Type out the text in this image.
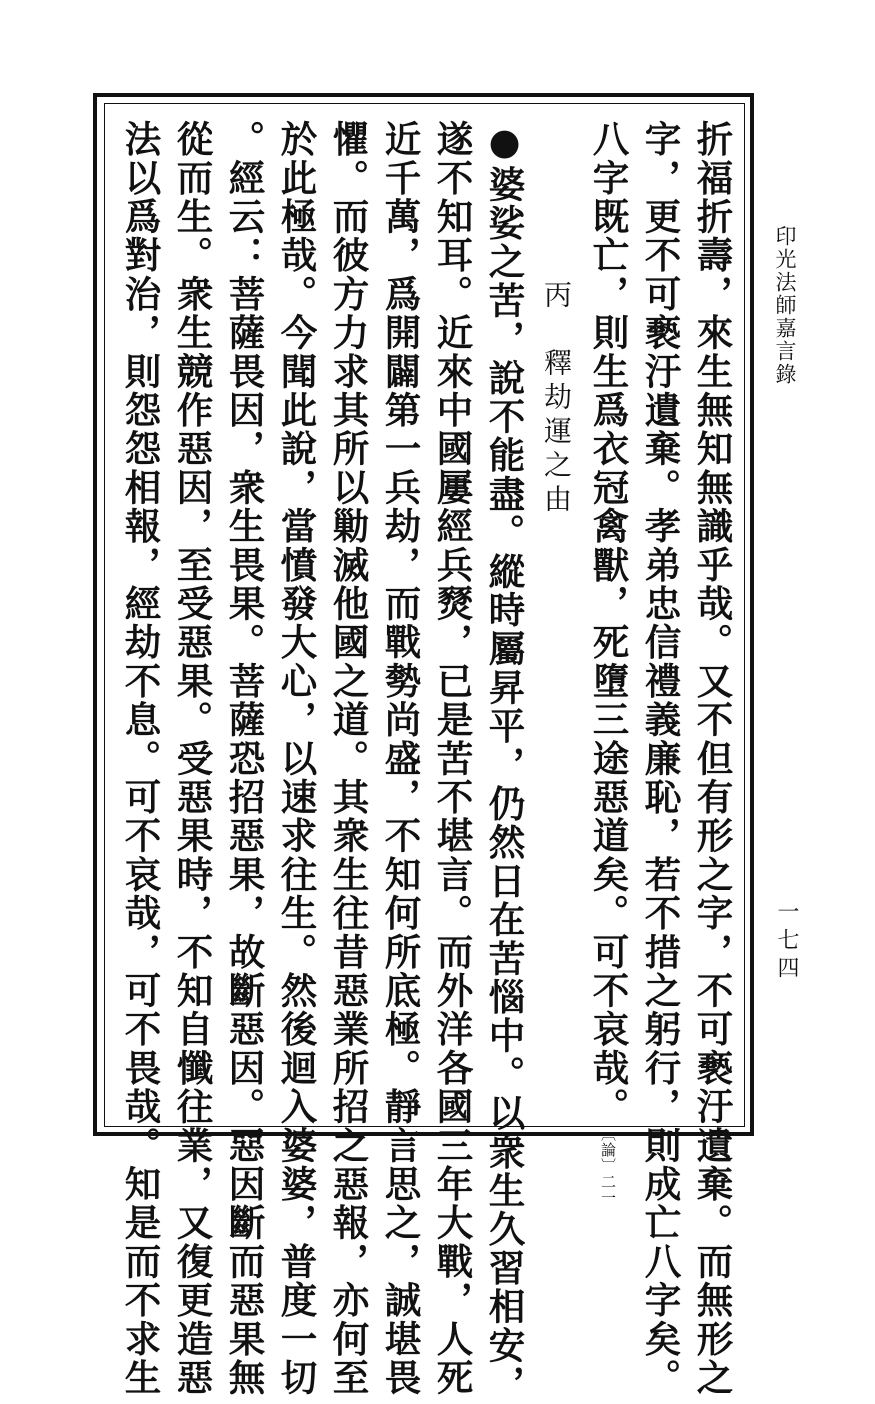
印光法師嘉言錄
一七四
折福折壽，來生無知無識乎哉。又不但有形之字，不可褻汙遺棄。而無形之
字，更不可褻汙遺棄。孝弟忠信禮義廉恥，若不措之躬行，則成亡八字矣。
八字既亡，則生爲衣冠禽獸，死墮三途惡道矣。可不哀哉。〔論〕二一
丙　釋劫運之由
●婆娑之苦，說不能盡。縱時屬昇平，仍然日在苦惱中。以衆生久習相安，
遂不知耳。近來中國屢經兵燹，已是苦不堪言。而外洋各國三年大戰，人死
近千萬，爲開闢第一兵劫，而戰勢尚盛，不知何所底極。靜言思之，誠堪畏
懼。而彼方力求其所以勦滅他國之道。其衆生往昔惡業所招之惡報，亦何至
於此極哉。今聞此說，當憤發大心，以速求往生。然後迴入婆婆，普度一切
。經云：菩薩畏因，衆生畏果。菩薩恐招惡果，故斷惡因。惡因斷而惡果無
從而生。衆生競作惡因，至受惡果。受惡果時，不知自懺往業，又復更造惡
法以爲對治，則怨怨相報，經劫不息。可不哀哉，可不畏哉。知是而不求生
